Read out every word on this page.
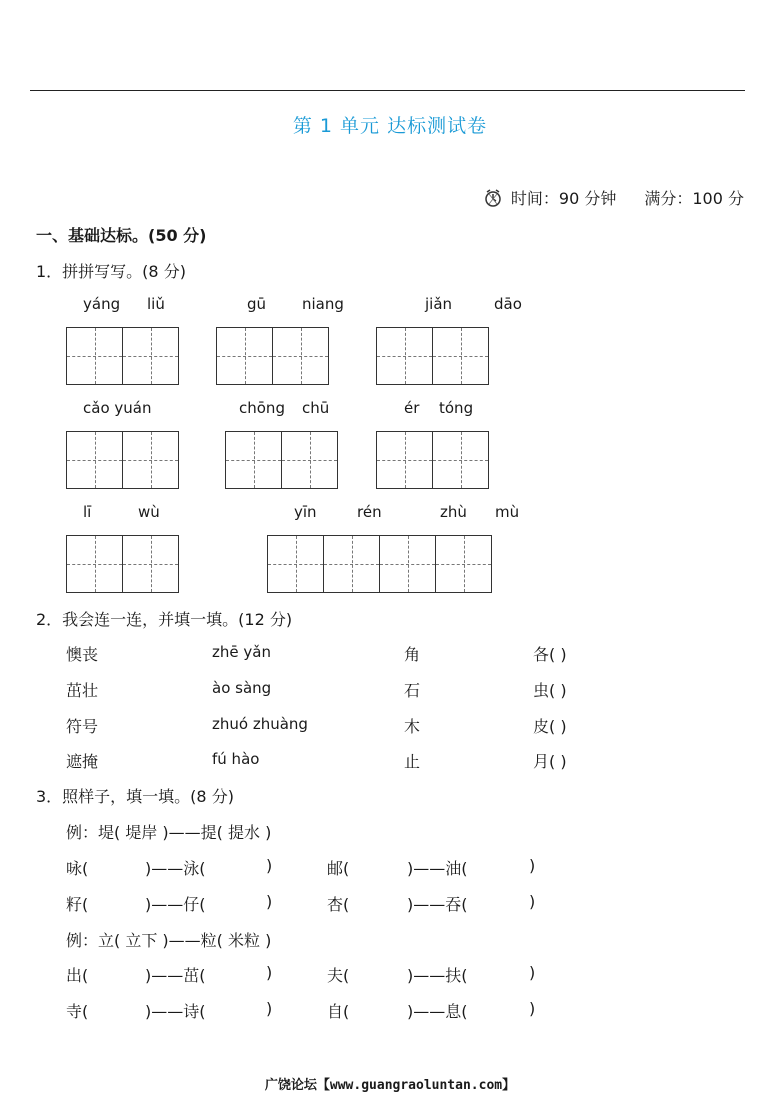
第 1 单元 达标测试卷
时间：90 分钟 满分：100 分
一、基础达标。(50 分)
1．拼拼写写。(8 分)
yáng liǔ	gū niang	jiǎn	dāo
cǎo yuán	chōng chū	ér tóng
lī	wù	yīn	rén	zhù mù
2．我会连一连，并填一填。(12 分)
懊丧	zhē yǎn	角	各( )
茁壮	ào sàng	石	虫( )
符号	zhuó zhuàng	木	皮( )
遮掩	fú hào	止	月( )
3．照样子，填一填。(8 分)
例：堤( 堤岸 )——提( 提水 )
咏(	)——泳(	)	邮(	)——油(	)
籽(	)——仔(	)	杏(	)——吞(	)
例：立( 立下 )——粒( 米粒 )
出(	)——茁(	)	夫(	)——扶(	)
寺(	)——诗(	)	自(	)——息(	)
广饶论坛【www.guangraoluntan.com】
